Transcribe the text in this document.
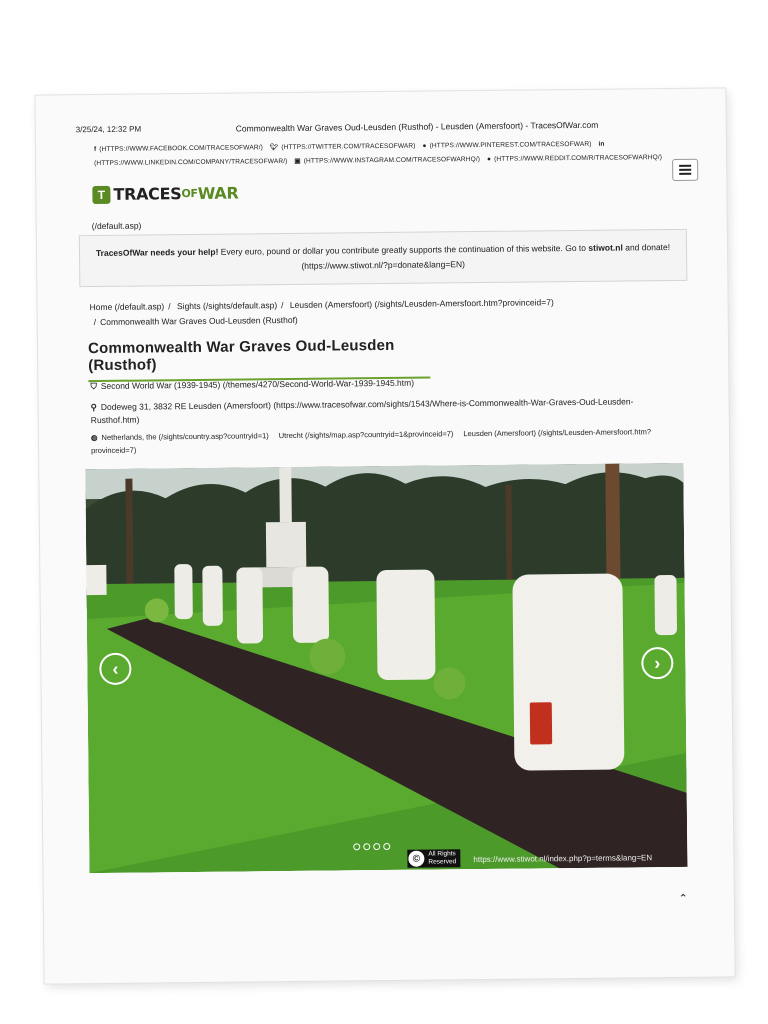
3/25/24, 12:32 PM	Commonwealth War Graves Oud-Leusden (Rusthof) - Leusden (Amersfoort) - TracesOfWar.com
f (HTTPS://WWW.FACEBOOK.COM/TRACESOFWAR/) 🐦︎ (HTTPS://TWITTER.COM/TRACESOFWAR) ● (HTTPS://WWW.PINTEREST.COM/TRACESOFWAR) in
(HTTPS://WWW.LINKEDIN.COM/COMPANY/TRACESOFWAR/) ▣ (HTTPS://WWW.INSTAGRAM.COM/TRACESOFWARHQ/) ● (HTTPS://WWW.REDDIT.COM/R/TRACESOFWARHQ/)
T TRACES OF WAR
(/default.asp)
TracesOfWar needs your help! Every euro, pound or dollar you contribute greatly supports the continuation of this website. Go to stiwot.nl and donate! (https://www.stiwot.nl/?p=donate&lang=EN)
Home (/default.asp) / Sights (/sights/default.asp) / Leusden (Amersfoort) (/sights/Leusden-Amersfoort.htm?provinceid=7)
/ Commonwealth War Graves Oud-Leusden (Rusthof)
Commonwealth War Graves Oud-Leusden (Rusthof)
⛉ Second World War (1939-1945) (/themes/4270/Second-World-War-1939-1945.htm)
⚲ Dodeweg 31, 3832 RE Leusden (Amersfoort) (https://www.tracesofwar.com/sights/1543/Where-is-Commonwealth-War-Graves-Oud-Leusden-Rusthof.htm)
◍ Netherlands, the (/sights/country.asp?countryid=1) Utrecht (/sights/map.asp?countryid=1&provinceid=7) Leusden (Amersfoort) (/sights/Leusden-Amersfoort.htm?provinceid=7)
‹	›
©	All Rights
Reserved https://www.stiwot.nl/index.php?p=terms&lang=EN
⌃
